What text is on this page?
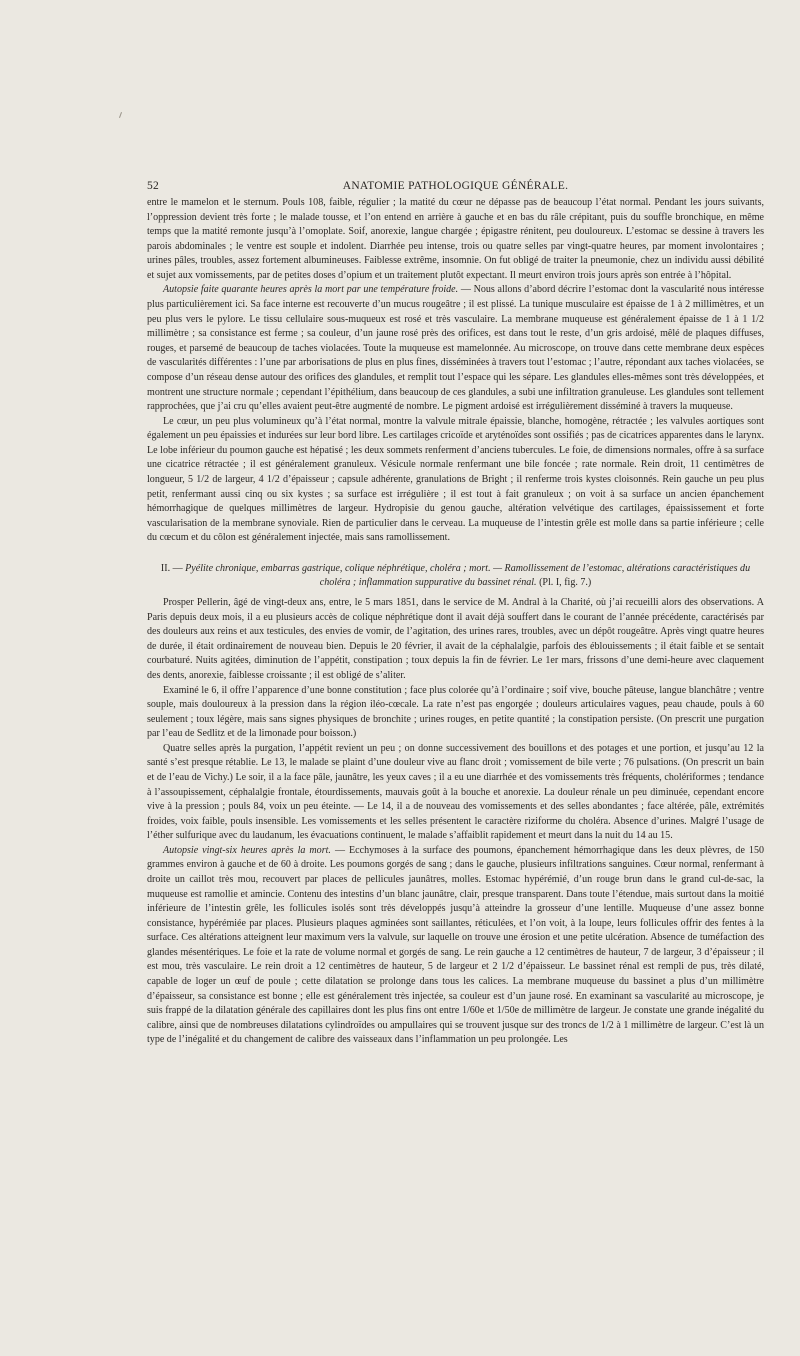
52	ANATOMIE PATHOLOGIQUE GÉNÉRALE.

entre le mamelon et le sternum. Pouls 108, faible, régulier ; la matité du cœur ne dépasse pas de beaucoup l’état normal. Pendant les jours suivants, l’oppression devient très forte ; le malade tousse, et l’on entend en arrière à gauche et en bas du râle crépitant, puis du souffle bronchique, en même temps que la matité remonte jusqu’à l’omoplate. Soif, anorexie, langue chargée ; épigastre rénitent, peu douloureux. L’estomac se dessine à travers les parois abdominales ; le ventre est souple et indolent. Diarrhée peu intense, trois ou quatre selles par vingt-quatre heures, par moment involontaires ; urines pâles, troubles, assez fortement albumineuses. Faiblesse extrême, insomnie. On fut obligé de traiter la pneumonie, chez un individu aussi débilité et sujet aux vomissements, par de petites doses d’opium et un traitement plutôt expectant. Il meurt environ trois jours après son entrée à l’hôpital.

Autopsie faite quarante heures après la mort par une température froide. — Nous allons d’abord décrire l’estomac dont la vascularité nous intéresse plus particulièrement ici. Sa face interne est recouverte d’un mucus rougeâtre ; il est plissé. La tunique musculaire est épaisse de 1 à 2 millimètres, et un peu plus vers le pylore. Le tissu cellulaire sous-muqueux est rosé et très vasculaire. La membrane muqueuse est généralement épaisse de 1 à 1 1/2 millimètre ; sa consistance est ferme ; sa couleur, d’un jaune rosé près des orifices, est dans tout le reste, d’un gris ardoisé, mêlé de plaques diffuses, rouges, et parsemé de beaucoup de taches violacées. Toute la muqueuse est mamelonnée. Au microscope, on trouve dans cette membrane deux espèces de vascularités différentes : l’une par arborisations de plus en plus fines, disséminées à travers tout l’estomac ; l’autre, répondant aux taches violacées, se compose d’un réseau dense autour des orifices des glandules, et remplit tout l’espace qui les sépare. Les glandules elles-mêmes sont très développées, et montrent une structure normale ; cependant l’épithélium, dans beaucoup de ces glandules, a subi une infiltration granuleuse. Les glandules sont tellement rapprochées, que j’ai cru qu’elles avaient peut-être augmenté de nombre. Le pigment ardoisé est irrégulièrement disséminé à travers la muqueuse.

Le cœur, un peu plus volumineux qu’à l’état normal, montre la valvule mitrale épaissie, blanche, homogène, rétractée ; les valvules aortiques sont également un peu épaissies et indurées sur leur bord libre. Les cartilages cricoïde et aryténoïdes sont ossifiés ; pas de cicatrices apparentes dans le larynx. Le lobe inférieur du poumon gauche est hépatisé ; les deux sommets renferment d’anciens tubercules. Le foie, de dimensions normales, offre à sa surface une cicatrice rétractée ; il est généralement granuleux. Vésicule normale renfermant une bile foncée ; rate normale. Rein droit, 11 centimètres de longueur, 5 1/2 de largeur, 4 1/2 d’épaisseur ; capsule adhérente, granulations de Bright ; il renferme trois kystes cloisonnés. Rein gauche un peu plus petit, renfermant aussi cinq ou six kystes ; sa surface est irrégulière ; il est tout à fait granuleux ; on voit à sa surface un ancien épanchement hémorrhagique de quelques millimètres de largeur. Hydropisie du genou gauche, altération velvétique des cartilages, épaississement et forte vascularisation de la membrane synoviale. Rien de particulier dans le cerveau. La muqueuse de l’intestin grêle est molle dans sa partie inférieure ; celle du cœcum et du côlon est généralement injectée, mais sans ramollissement.

II. — Pyélite chronique, embarras gastrique, colique néphrétique, choléra ; mort. — Ramollissement de l’estomac, altérations caractéristiques du choléra ; inflammation suppurative du bassinet rénal. (Pl. I, fig. 7.)

Prosper Pellerin, âgé de vingt-deux ans, entre, le 5 mars 1851, dans le service de M. Andral à la Charité, où j’ai recueilli alors des observations. A Paris depuis deux mois, il a eu plusieurs accès de colique néphrétique dont il avait déjà souffert dans le courant de l’année précédente, caractérisés par des douleurs aux reins et aux testicules, des envies de vomir, de l’agitation, des urines rares, troubles, avec un dépôt rougeâtre. Après vingt quatre heures de durée, il était ordinairement de nouveau bien. Depuis le 20 février, il avait de la céphalalgie, parfois des éblouissements ; il était faible et se sentait courbaturé. Nuits agitées, diminution de l’appétit, constipation ; toux depuis la fin de février. Le 1er mars, frissons d’une demi-heure avec claquement des dents, anorexie, faiblesse croissante ; il est obligé de s’aliter.

Examiné le 6, il offre l’apparence d’une bonne constitution ; face plus colorée qu’à l’ordinaire ; soif vive, bouche pâteuse, langue blanchâtre ; ventre souple, mais douloureux à la pression dans la région iléo-cœcale. La rate n’est pas engorgée ; douleurs articulaires vagues, peau chaude, pouls à 60 seulement ; toux légère, mais sans signes physiques de bronchite ; urines rouges, en petite quantité ; la constipation persiste. (On prescrit une purgation par l’eau de Sedlitz et de la limonade pour boisson.)

Quatre selles après la purgation, l’appétit revient un peu ; on donne successivement des bouillons et des potages et une portion, et jusqu’au 12 la santé s’est presque rétablie. Le 13, le malade se plaint d’une douleur vive au flanc droit ; vomissement de bile verte ; 76 pulsations. (On prescrit un bain et de l’eau de Vichy.) Le soir, il a la face pâle, jaunâtre, les yeux caves ; il a eu une diarrhée et des vomissements très fréquents, cholériformes ; tendance à l’assoupissement, céphalalgie frontale, étourdissements, mauvais goût à la bouche et anorexie. La douleur rénale un peu diminuée, cependant encore vive à la pression ; pouls 84, voix un peu éteinte. — Le 14, il a de nouveau des vomissements et des selles abondantes ; face altérée, pâle, extrémités froides, voix faible, pouls insensible. Les vomissements et les selles présentent le caractère riziforme du choléra. Absence d’urines. Malgré l’usage de l’éther sulfurique avec du laudanum, les évacuations continuent, le malade s’affaiblit rapidement et meurt dans la nuit du 14 au 15.

Autopsie vingt-six heures après la mort. — Ecchymoses à la surface des poumons, épanchement hémorrhagique dans les deux plèvres, de 150 grammes environ à gauche et de 60 à droite. Les poumons gorgés de sang ; dans le gauche, plusieurs infiltrations sanguines. Cœur normal, renfermant à droite un caillot très mou, recouvert par places de pellicules jaunâtres, molles. Estomac hypérémié, d’un rouge brun dans le grand cul-de-sac, la muqueuse est ramollie et amincie. Contenu des intestins d’un blanc jaunâtre, clair, presque transparent. Dans toute l’étendue, mais surtout dans la moitié inférieure de l’intestin grêle, les follicules isolés sont très développés jusqu’à atteindre la grosseur d’une lentille. Muqueuse d’une assez bonne consistance, hypérémiée par places. Plusieurs plaques agminées sont saillantes, réticulées, et l’on voit, à la loupe, leurs follicules offrir des fentes à la surface. Ces altérations atteignent leur maximum vers la valvule, sur laquelle on trouve une érosion et une petite ulcération. Absence de tuméfaction des glandes mésentériques. Le foie et la rate de volume normal et gorgés de sang. Le rein gauche a 12 centimètres de hauteur, 7 de largeur, 3 d’épaisseur ; il est mou, très vasculaire. Le rein droit a 12 centimètres de hauteur, 5 de largeur et 2 1/2 d’épaisseur. Le bassinet rénal est rempli de pus, très dilaté, capable de loger un œuf de poule ; cette dilatation se prolonge dans tous les calices. La membrane muqueuse du bassinet a plus d’un millimètre d’épaisseur, sa consistance est bonne ; elle est généralement très injectée, sa couleur est d’un jaune rosé. En examinant sa vascularité au microscope, je suis frappé de la dilatation générale des capillaires dont les plus fins ont entre 1/60e et 1/50e de millimètre de largeur. Je constate une grande inégalité du calibre, ainsi que de nombreuses dilatations cylindroïdes ou ampullaires qui se trouvent jusque sur des troncs de 1/2 à 1 millimètre de largeur. C’est là un type de l’inégalité et du changement de calibre des vaisseaux dans l’inflammation un peu prolongée. Les
